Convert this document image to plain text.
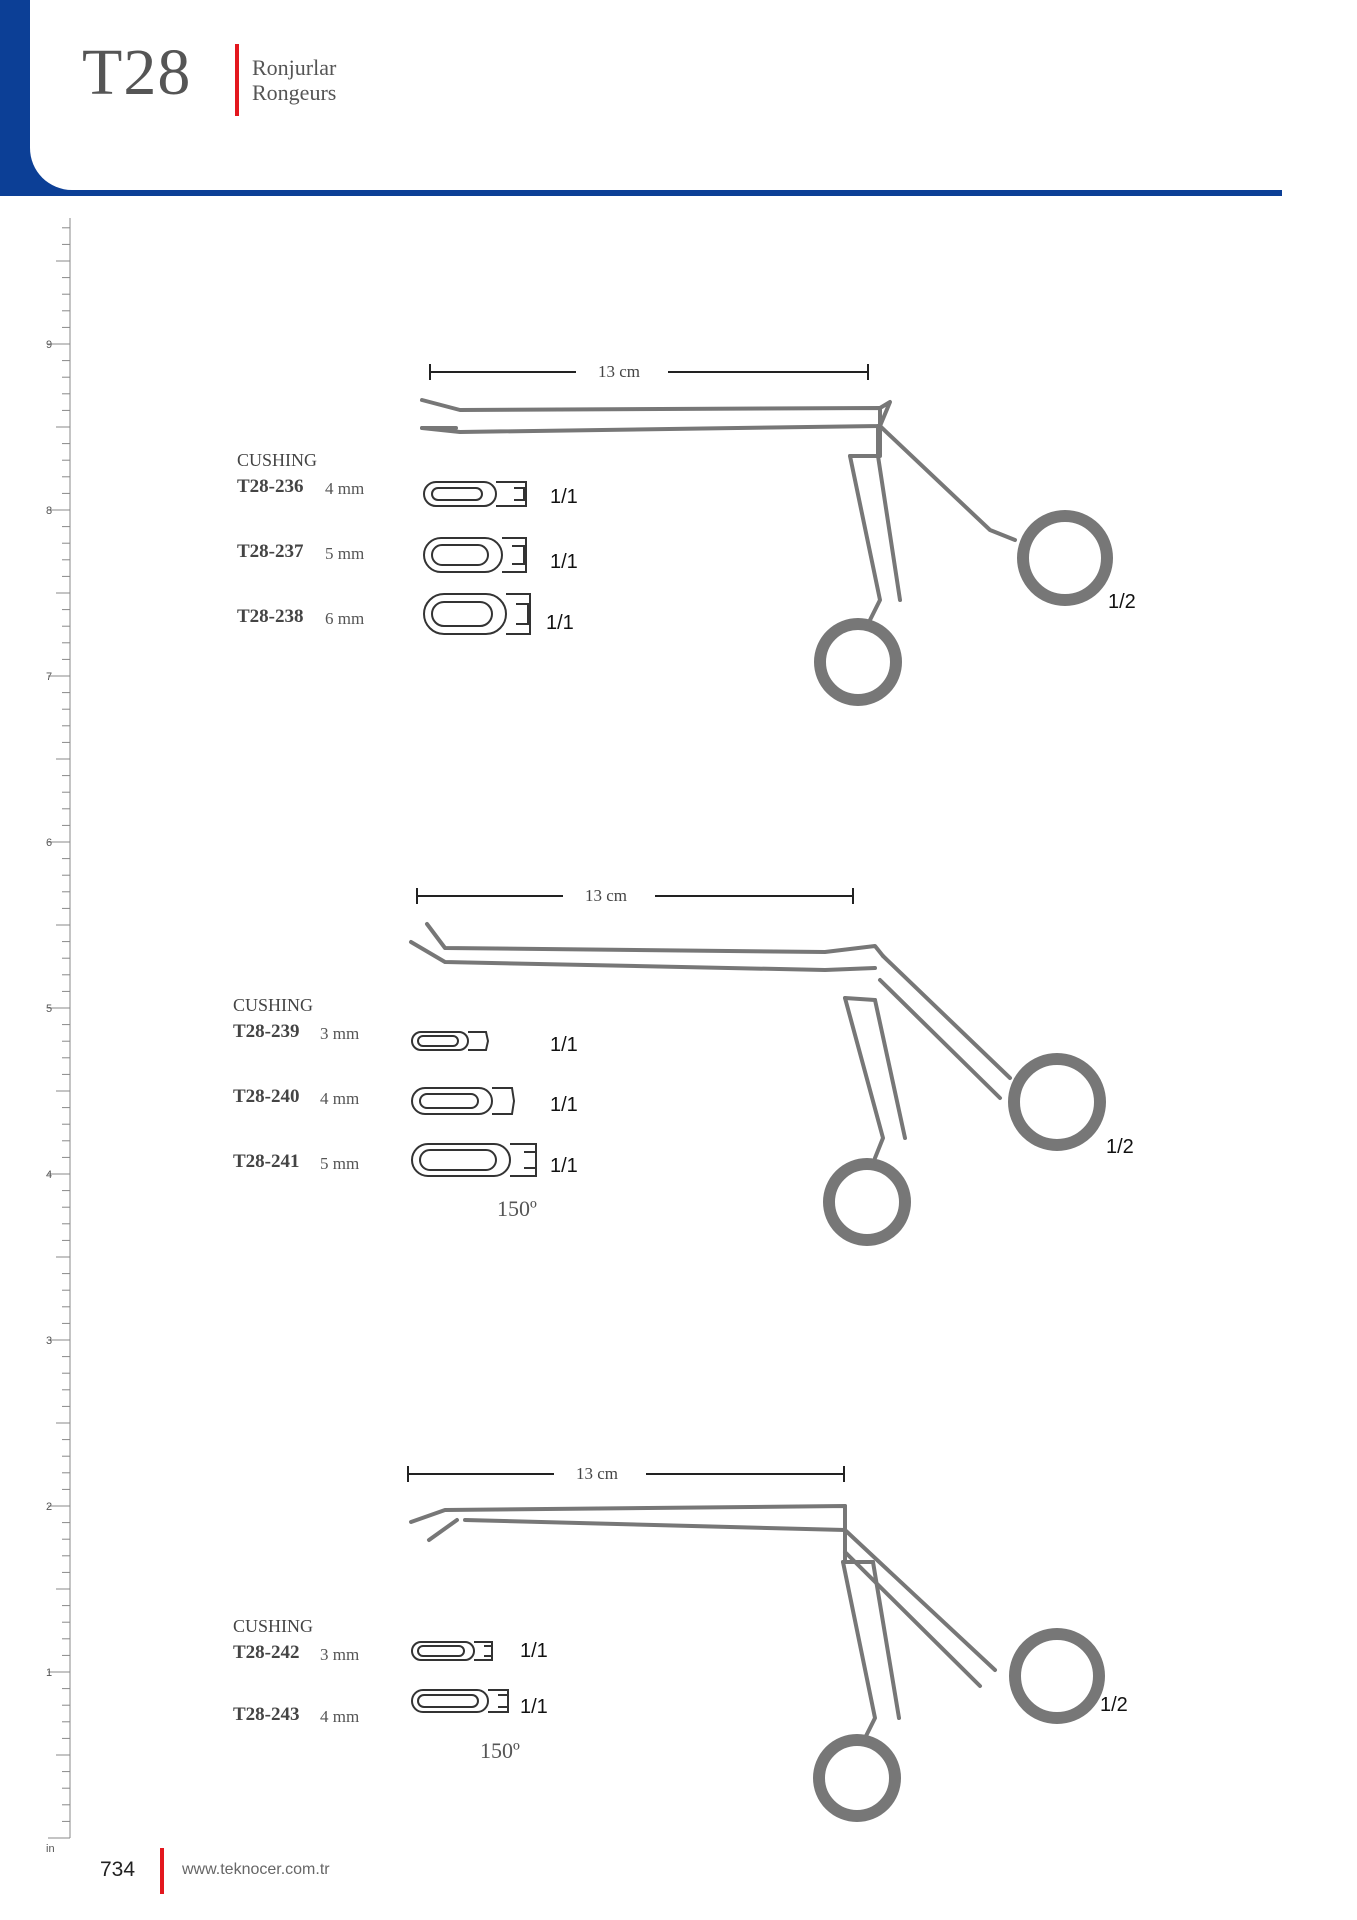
T28	Ronjurlar
Rongeurs
9
8
7
6
5
4
3
2
1
in
13 cm
CUSHING
T28-236 4 mm
T28-237 5 mm
T28-238 6 mm
1/1
1/1
1/1
1/2
13 cm
CUSHING
T28-239 3 mm
T28-240 4 mm
T28-241 5 mm
1/1
1/1
1/1
150º
1/2
13 cm
CUSHING
T28-242 3 mm
T28-243 4 mm
1/1
1/1
150º
1/2
734	www.teknocer.com.tr
